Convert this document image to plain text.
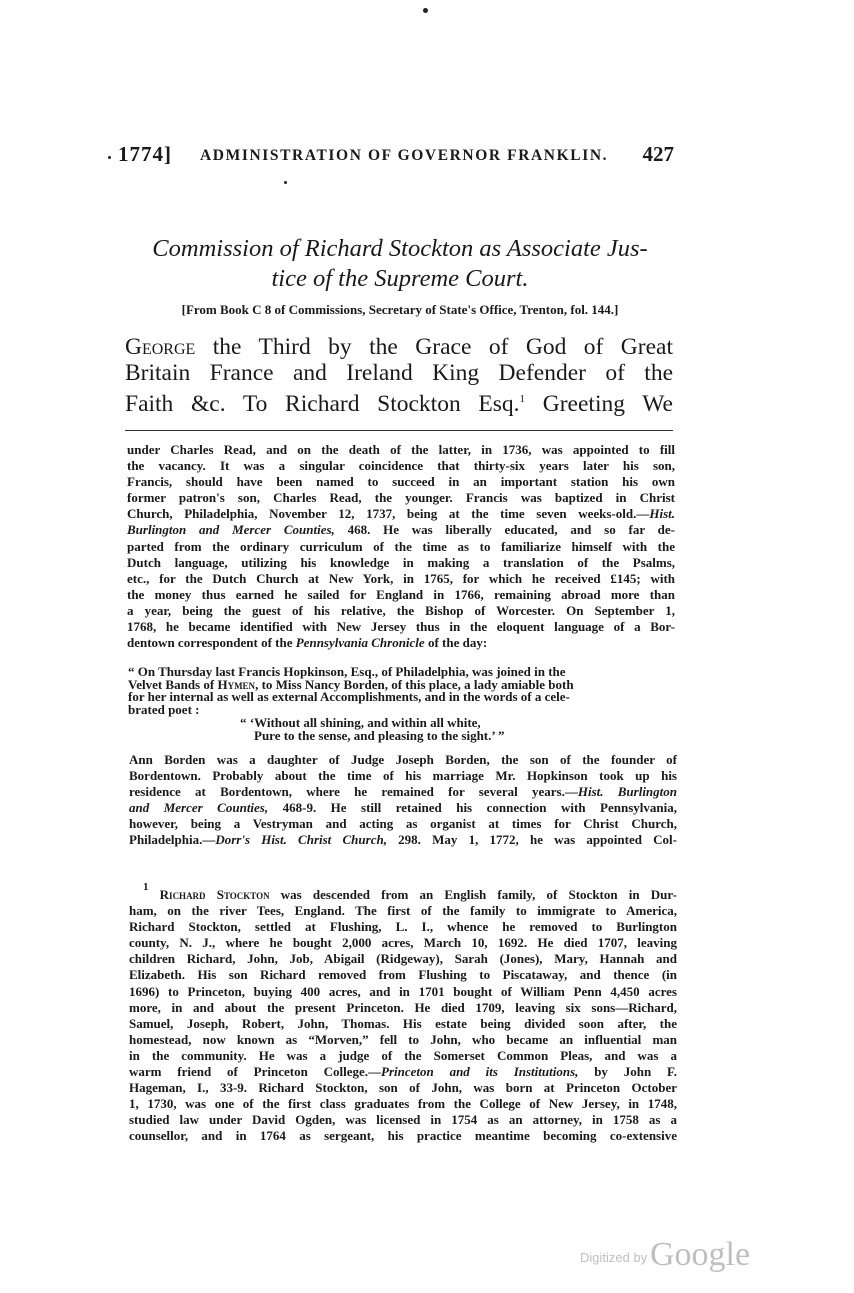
1774] ADMINISTRATION OF GOVERNOR FRANKLIN. 427
Commission of Richard Stockton as Associate Jus-
tice of the Supreme Court.
[From Book C 8 of Commissions, Secretary of State's Office, Trenton, fol. 144.]
George the Third by the Grace of God of Great
Britain France and Ireland King Defender of the
Faith &c. To Richard Stockton Esq.$^1$ Greeting We
under Charles Read, and on the death of the latter, in 1736, was appointed to fill
the vacancy. It was a singular coincidence that thirty-six years later his son,
Francis, should have been named to succeed in an important station his own
former patron's son, Charles Read, the younger. Francis was baptized in Christ
Church, Philadelphia, November 12, 1737, being at the time seven weeks-old.—Hist.
Burlington and Mercer Counties, 468. He was liberally educated, and so far de-
parted from the ordinary curriculum of the time as to familiarize himself with the
Dutch language, utilizing his knowledge in making a translation of the Psalms,
etc., for the Dutch Church at New York, in 1765, for which he received £145; with
the money thus earned he sailed for England in 1766, remaining abroad more than
a year, being the guest of his relative, the Bishop of Worcester. On September 1,
1768, he became identified with New Jersey thus in the eloquent language of a Bor-
dentown correspondent of the Pennsylvania Chronicle of the day:
“ On Thursday last Francis Hopkinson, Esq., of Philadelphia, was joined in the
Velvet Bands of Hymen, to Miss Nancy Borden, of this place, a lady amiable both
for her internal as well as external Accomplishments, and in the words of a cele-
brated poet :
“ ‘Without all shining, and within all white,
Pure to the sense, and pleasing to the sight.’ ”
Ann Borden was a daughter of Judge Joseph Borden, the son of the founder of
Bordentown. Probably about the time of his marriage Mr. Hopkinson took up his
residence at Bordentown, where he remained for several years.—Hist. Burlington
and Mercer Counties, 468-9. He still retained his connection with Pennsylvania,
however, being a Vestryman and acting as organist at times for Christ Church,
Philadelphia.—Dorr's Hist. Christ Church, 298. May 1, 1772, he was appointed Col-
$^1$ Richard Stockton was descended from an English family, of Stockton in Dur-
ham, on the river Tees, England. The first of the family to immigrate to America,
Richard Stockton, settled at Flushing, L. I., whence he removed to Burlington
county, N. J., where he bought 2,000 acres, March 10, 1692. He died 1707, leaving
children Richard, John, Job, Abigail (Ridgeway), Sarah (Jones), Mary, Hannah and
Elizabeth. His son Richard removed from Flushing to Piscataway, and thence (in
1696) to Princeton, buying 400 acres, and in 1701 bought of William Penn 4,450 acres
more, in and about the present Princeton. He died 1709, leaving six sons—Richard,
Samuel, Joseph, Robert, John, Thomas. His estate being divided soon after, the
homestead, now known as “Morven,” fell to John, who became an influential man
in the community. He was a judge of the Somerset Common Pleas, and was a
warm friend of Princeton College.—Princeton and its Institutions, by John F.
Hageman, I., 33-9. Richard Stockton, son of John, was born at Princeton October
1, 1730, was one of the first class graduates from the College of New Jersey, in 1748,
studied law under David Ogden, was licensed in 1754 as an attorney, in 1758 as a
counsellor, and in 1764 as sergeant, his practice meantime becoming co-extensive
Digitized by Google
